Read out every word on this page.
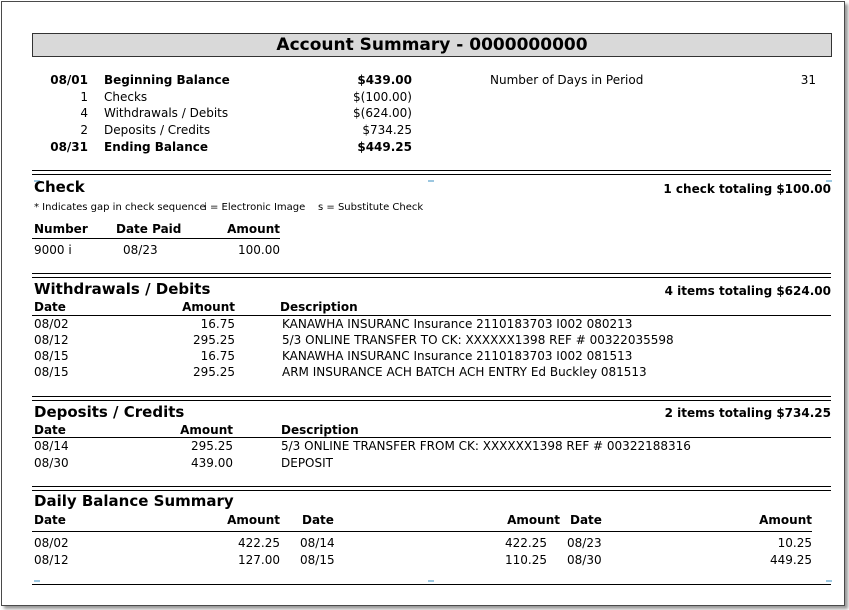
Account Summary - 0000000000
08/01 Beginning Balance	$439.00
1 Checks	$(100.00)
4 Withdrawals / Debits	$(624.00)
2 Deposits / Credits	$734.25
08/31 Ending Balance	$449.25
Number of Days in Period	31
Check	1 check totaling $100.00
* Indicates gap in check sequence
i = Electronic Image s = Substitute Check
Number Date Paid	Amount
9000 i	08/23	100.00
Withdrawals / Debits	4 items totaling $624.00
Date	Amount	Description
08/02	16.75	KANAWHA INSURANC Insurance 2110183703 I002 080213
08/12	295.25	5/3 ONLINE TRANSFER TO CK: XXXXXX1398 REF # 00322035598
08/15	16.75	KANAWHA INSURANC Insurance 2110183703 I002 081513
08/15	295.25	ARM INSURANCE ACH BATCH ACH ENTRY Ed Buckley 081513
Deposits / Credits	2 items totaling $734.25
Date	Amount	Description
08/14	295.25	5/3 ONLINE TRANSFER FROM CK: XXXXXX1398 REF # 00322188316
08/30	439.00	DEPOSIT
Daily Balance Summary
Date	Amount Date	Amount Date	Amount
08/02	422.25 08/14	422.25 08/23	10.25
08/12	127.00 08/15	110.25 08/30	449.25
